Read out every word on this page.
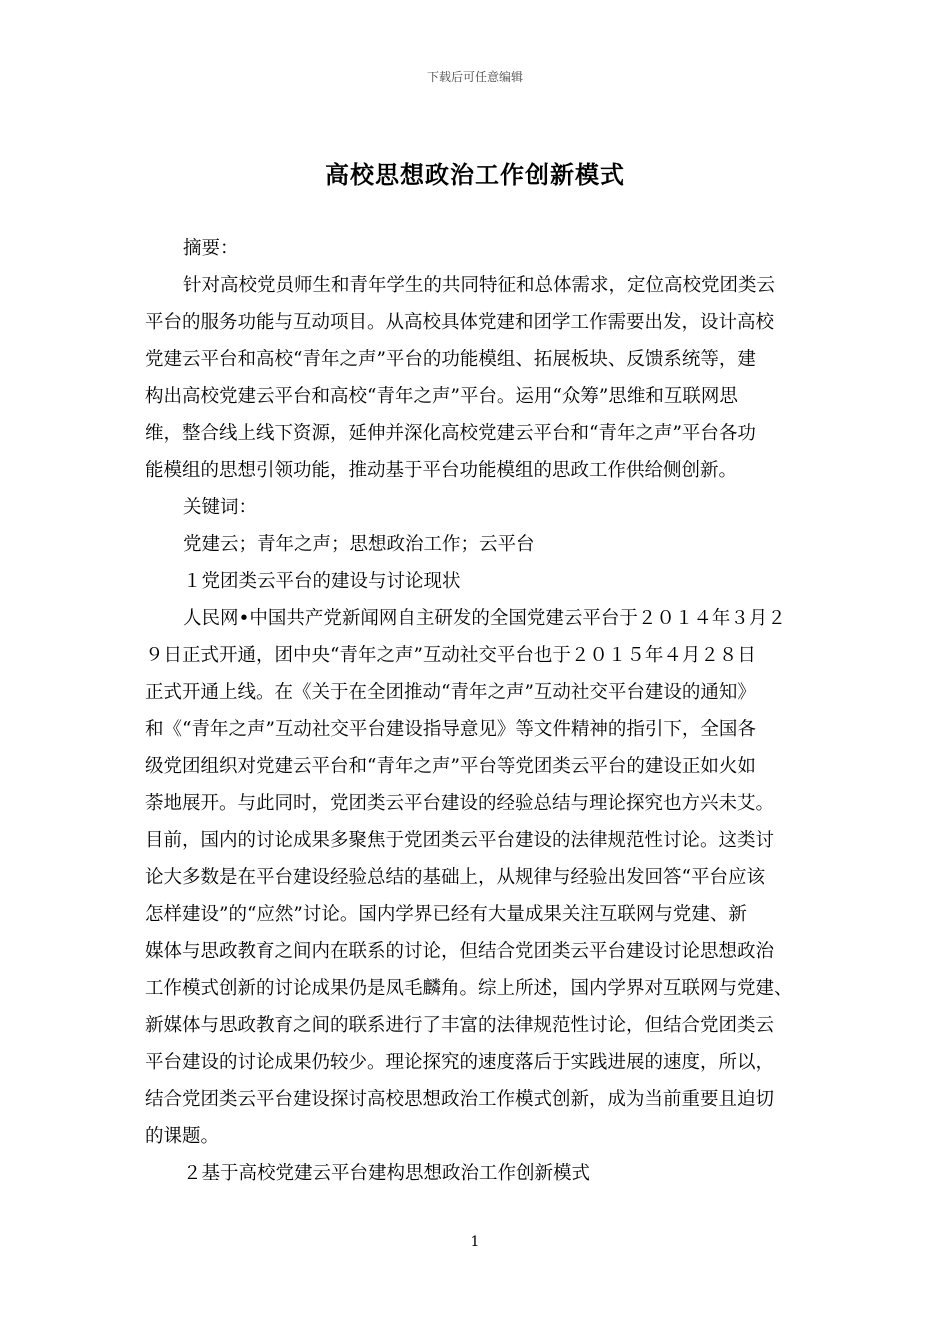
下载后可任意编辑
高校思想政治工作创新模式
摘要：
针对高校党员师生和青年学生的共同特征和总体需求，定位高校党团类云
平台的服务功能与互动项目。从高校具体党建和团学工作需要出发，设计高校
党建云平台和高校“青年之声”平台的功能模组、拓展板块、反馈系统等，建
构出高校党建云平台和高校“青年之声”平台。运用“众筹”思维和互联网思
维，整合线上线下资源，延伸并深化高校党建云平台和“青年之声”平台各功
能模组的思想引领功能，推动基于平台功能模组的思政工作供给侧创新。
关键词：
党建云；青年之声；思想政治工作；云平台
１党团类云平台的建设与讨论现状
人民网•中国共产党新闻网自主研发的全国党建云平台于２０１４年３月２
９日正式开通，团中央“青年之声”互动社交平台也于２０１５年４月２８日
正式开通上线。在《关于在全团推动“青年之声”互动社交平台建设的通知》
和《“青年之声”互动社交平台建设指导意见》等文件精神的指引下，全国各
级党团组织对党建云平台和“青年之声”平台等党团类云平台的建设正如火如
荼地展开。与此同时，党团类云平台建设的经验总结与理论探究也方兴未艾。
目前，国内的讨论成果多聚焦于党团类云平台建设的法律规范性讨论。这类讨
论大多数是在平台建设经验总结的基础上，从规律与经验出发回答“平台应该
怎样建设”的“应然”讨论。国内学界已经有大量成果关注互联网与党建、新
媒体与思政教育之间内在联系的讨论，但结合党团类云平台建设讨论思想政治
工作模式创新的讨论成果仍是凤毛麟角。综上所述，国内学界对互联网与党建、
新媒体与思政教育之间的联系进行了丰富的法律规范性讨论，但结合党团类云
平台建设的讨论成果仍较少。理论探究的速度落后于实践进展的速度，所以，
结合党团类云平台建设探讨高校思想政治工作模式创新，成为当前重要且迫切
的课题。
２基于高校党建云平台建构思想政治工作创新模式
1
